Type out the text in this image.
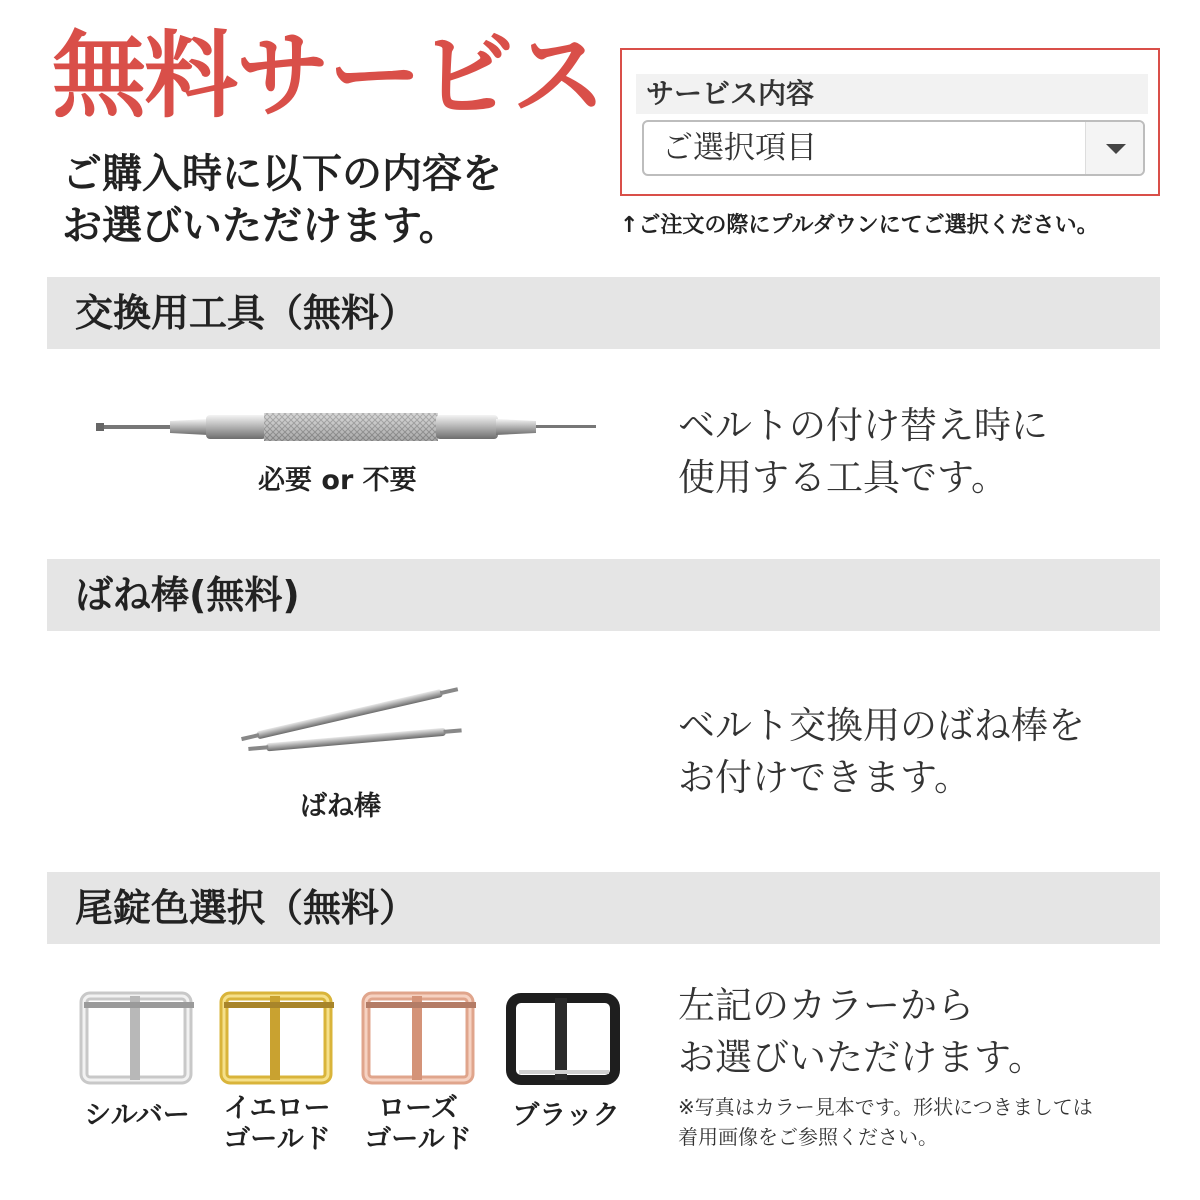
無料サービス
ご購入時に以下の内容を
お選びいただけます。
サービス内容
ご選択項目
↑ご注文の際にプルダウンにてご選択ください。
交換用工具（無料）
必要 or 不要
ベルトの付け替え時に
使用する工具です。
ばね棒(無料)
ばね棒
ベルト交換用のばね棒を
お付けできます。
尾錠色選択（無料）
シルバー	イエロー
ゴールド
ローズ
ゴールド
ブラック
左記のカラーから
お選びいただけます。
※写真はカラー見本です。形状につきましては
着用画像をご参照ください。
